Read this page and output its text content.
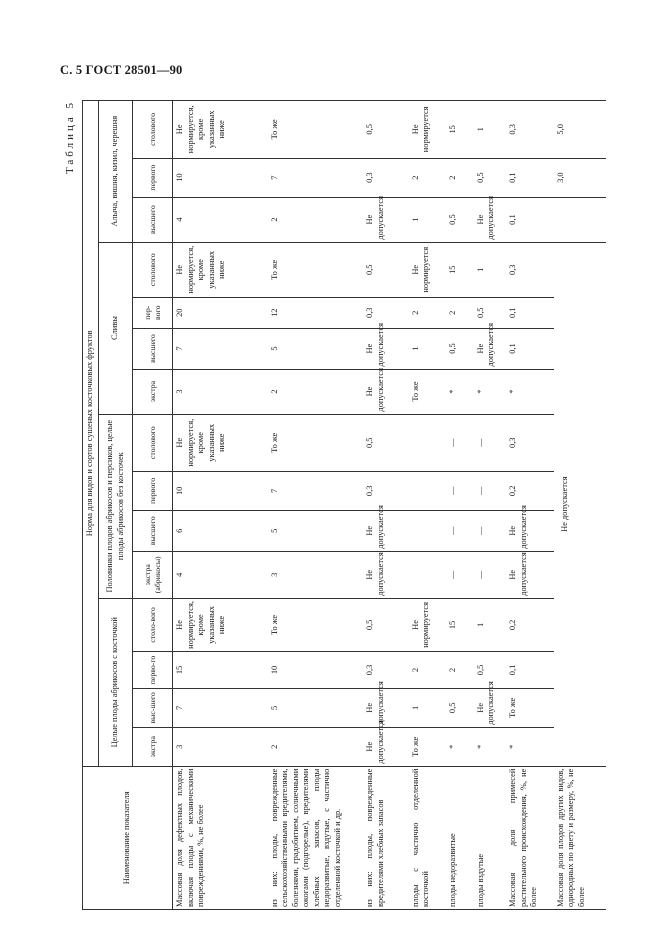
С. 5 ГОСТ 28501—90
Таблица 5
Наименование показателя	Норма для видов и сортов сушеных косточковых фруктов														
	Целые плоды абрикосов с косточкой				Половинки плодов абрикосов и персиков, целые плоды абрикосов без косточек				Сливы				Алыча, вишня, кизил, черешня		
	экстра	выс-шего	перво-го	столо-вого	экстра (абрикосы)	высшего	первого	столового	экстра	высшего	пер-вого	столового	высшего	первого	столового
Массовая доля дефектных плодов, включая плоды с механическими повреждениями, %, не более	3	7	15	Не нормируется, кроме указанных ниже	4	6	10	Не нормируется, кроме указанных ниже	3	7	20	Не нормируется, кроме указанных ниже	4	10	Не нормируется, кроме указанных ниже
из них: плоды, поврежденные сельскохозяйственными вредителями, болезнями, градобитием, солнечными ожогами (подгорелые), вредителями хлебных запасов, плоды недоразвитые, вздутые, с частично отделенной косточкой и др.	2	5	10	То же	3	5	7	То же	2	5	12	То же	2	7	То же
из них: плоды, поврежденные вредителями хлебных запасов	Не допускается	Не допускается	0,3	0,5	Не допускается	Не допускается	0,3	0,5	Не допускается	Не допускается	0,3	0,5	Не допускается	0,3	0,5
плоды с частично отделенной косточкой	То же	1	2	Не нормируется					То же	1	2	Не нормируется	1	2	Не нормируется
плоды недоразвитые	*	0,5	2	15	—	—	—	—	*	0,5	2	15	0,5	2	15
плоды вздутые	*	Не допускается	0,5	1	—	—	—	—	*	Не допускается	0,5	1	Не допускается	0,5	1
Массовая доля примесей растительного происхождения, %, не более	*	То же	0,1	0,2	Не допускается	Не допускается	0,2	0,3	*	0,1	0,1	0,3	0,1	0,1	0,3
Массовая доля плодов других видов, однородных по цвету и размеру, %, не более	Не допускается													3,0	5,0
